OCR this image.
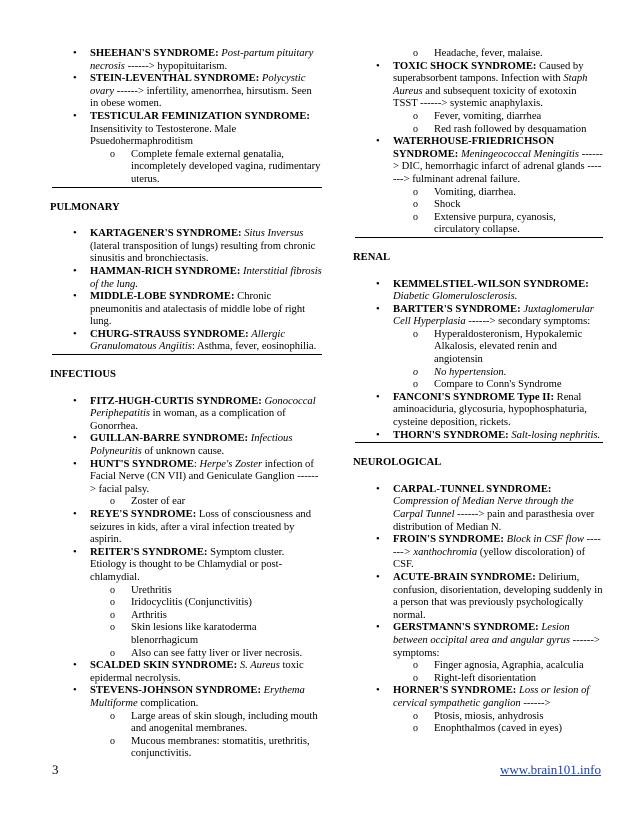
• SHEEHAN'S SYNDROME: Post-partum pituitary necrosis ------> hypopituitarism.
• STEIN-LEVENTHAL SYNDROME: Polycystic ovary ------> infertility, amenorrhea, hirsutism. Seen in obese women.
• TESTICULAR FEMINIZATION SYNDROME: Insensitivity to Testosterone. Male Psuedohermaphroditism
o Complete female external genatalia, incompletely developed vagina, rudimentary uterus.
PULMONARY
• KARTAGENER'S SYNDROME: Situs Inversus (lateral transposition of lungs) resulting from chronic sinusitis and bronchiectasis.
• HAMMAN-RICH SYNDROME: Interstitial fibrosis of the lung.
• MIDDLE-LOBE SYNDROME: Chronic pneumonitis and atalectasis of middle lobe of right lung.
• CHURG-STRAUSS SYNDROME: Allergic Granulomatous Angiitis: Asthma, fever, eosinophilia.
INFECTIOUS
• FITZ-HUGH-CURTIS SYNDROME: Gonococcal Periphepatitis in woman, as a complication of Gonorrhea.
• GUILLAN-BARRE SYNDROME: Infectious Polyneuritis of unknown cause.
• HUNT'S SYNDROME: Herpe's Zoster infection of Facial Nerve (CN VII) and Geniculate Ganglion ------> facial palsy.
o Zoster of ear
• REYE'S SYNDROME: Loss of consciousness and seizures in kids, after a viral infection treated by aspirin.
• REITER'S SYNDROME: Symptom cluster. Etiology is thought to be Chlamydial or post-chlamydial.
o Urethritis
o Iridocyclitis (Conjunctivitis)
o Arthritis
o Skin lesions like karatoderma blenorrhagicum
o Also can see fatty liver or liver necrosis.
• SCALDED SKIN SYNDROME: S. Aureus toxic epidermal necrolysis.
• STEVENS-JOHNSON SYNDROME: Erythema Multiforme complication.
o Large areas of skin slough, including mouth and anogenital membranes.
o Mucous membranes: stomatitis, urethritis, conjunctivitis.
o Headache, fever, malaise.
• TOXIC SHOCK SYNDROME: Caused by superabsorbent tampons. Infection with Staph Aureus and subsequent toxicity of exotoxin TSST ------> systemic anaphylaxis.
o Fever, vomiting, diarrhea
o Red rash followed by desquamation
• WATERHOUSE-FRIEDRICHSON SYNDROME: Meningeococcal Meningitis ------> DIC, hemorrhagic infarct of adrenal glands -------> fulminant adrenal failure.
o Vomiting, diarrhea.
o Shock
o Extensive purpura, cyanosis, circulatory collapse.
RENAL
• KEMMELSTIEL-WILSON SYNDROME: Diabetic Glomerulosclerosis.
• BARTTER'S SYNDROME: Juxtaglomerular Cell Hyperplasia ------> secondary symptoms:
o Hyperaldosteronism, Hypokalemic Alkalosis, elevated renin and angiotensin
o No hypertension.
o Compare to Conn's Syndrome
• FANCONI'S SYNDROME Type II: Renal aminoaciduria, glycosuria, hypophosphaturia, cysteine deposition, rickets.
• THORN'S SYNDROME: Salt-losing nephritis.
NEUROLOGICAL
• CARPAL-TUNNEL SYNDROME: Compression of Median Nerve through the Carpal Tunnel ------> pain and parasthesia over distribution of Median N.
• FROIN'S SYNDROME: Block in CSF flow -------> xanthochromia (yellow discoloration) of CSF.
• ACUTE-BRAIN SYNDROME: Delirium, confusion, disorientation, developing suddenly in a person that was previously psychologically normal.
• GERSTMANN'S SYNDROME: Lesion between occipital area and angular gyrus ------> symptoms:
o Finger agnosia, Agraphia, acalculia
o Right-left disorientation
• HORNER'S SYNDROME: Loss or lesion of cervical sympathetic ganglion ------>
o Ptosis, miosis, anhydrosis
o Enophthalmos (caved in eyes)
3	www.brain101.info
